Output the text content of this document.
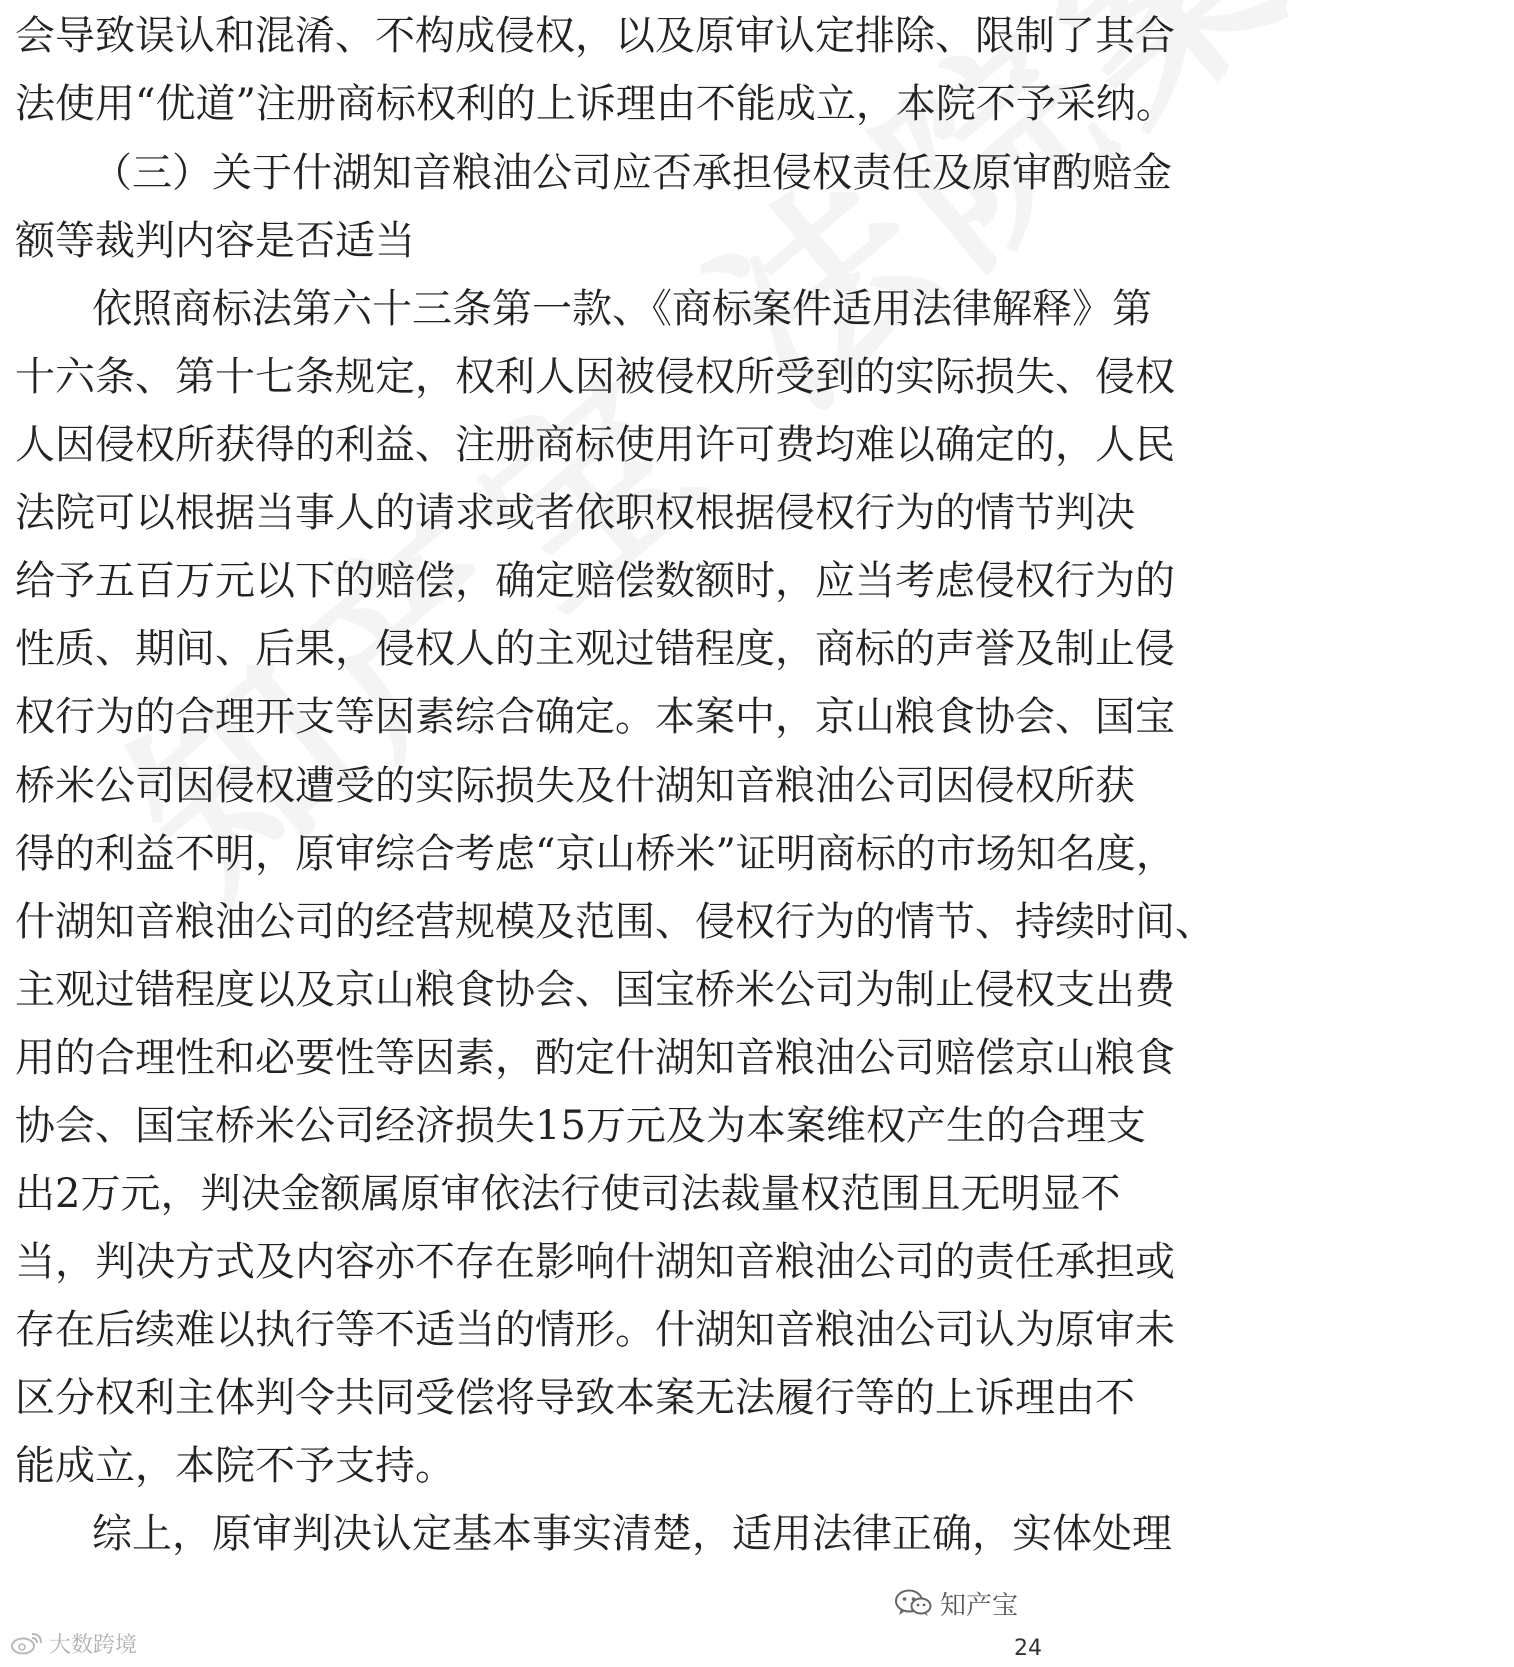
会导致误认和混淆、不构成侵权，以及原审认定排除、限制了其合
法使用“优道”注册商标权利的上诉理由不能成立，本院不予采纳。
（三）关于什湖知音粮油公司应否承担侵权责任及原审酌赔金
额等裁判内容是否适当
依照商标法第六十三条第一款、《商标案件适用法律解释》第
十六条、第十七条规定，权利人因被侵权所受到的实际损失、侵权
人因侵权所获得的利益、注册商标使用许可费均难以确定的，人民
法院可以根据当事人的请求或者依职权根据侵权行为的情节判决
给予五百万元以下的赔偿，确定赔偿数额时，应当考虑侵权行为的
性质、期间、后果，侵权人的主观过错程度，商标的声誉及制止侵
权行为的合理开支等因素综合确定。本案中，京山粮食协会、国宝
桥米公司因侵权遭受的实际损失及什湖知音粮油公司因侵权所获
得的利益不明，原审综合考虑“京山桥米”证明商标的市场知名度，
什湖知音粮油公司的经营规模及范围、侵权行为的情节、持续时间、
主观过错程度以及京山粮食协会、国宝桥米公司为制止侵权支出费
用的合理性和必要性等因素，酌定什湖知音粮油公司赔偿京山粮食
协会、国宝桥米公司经济损失15万元及为本案维权产生的合理支
出2万元，判决金额属原审依法行使司法裁量权范围且无明显不
当，判决方式及内容亦不存在影响什湖知音粮油公司的责任承担或
存在后续难以执行等不适当的情形。什湖知音粮油公司认为原审未
区分权利主体判令共同受偿将导致本案无法履行等的上诉理由不
能成立，本院不予支持。
综上，原审判决认定基本事实清楚，适用法律正确，实体处理
知产宝
24
大数跨境
